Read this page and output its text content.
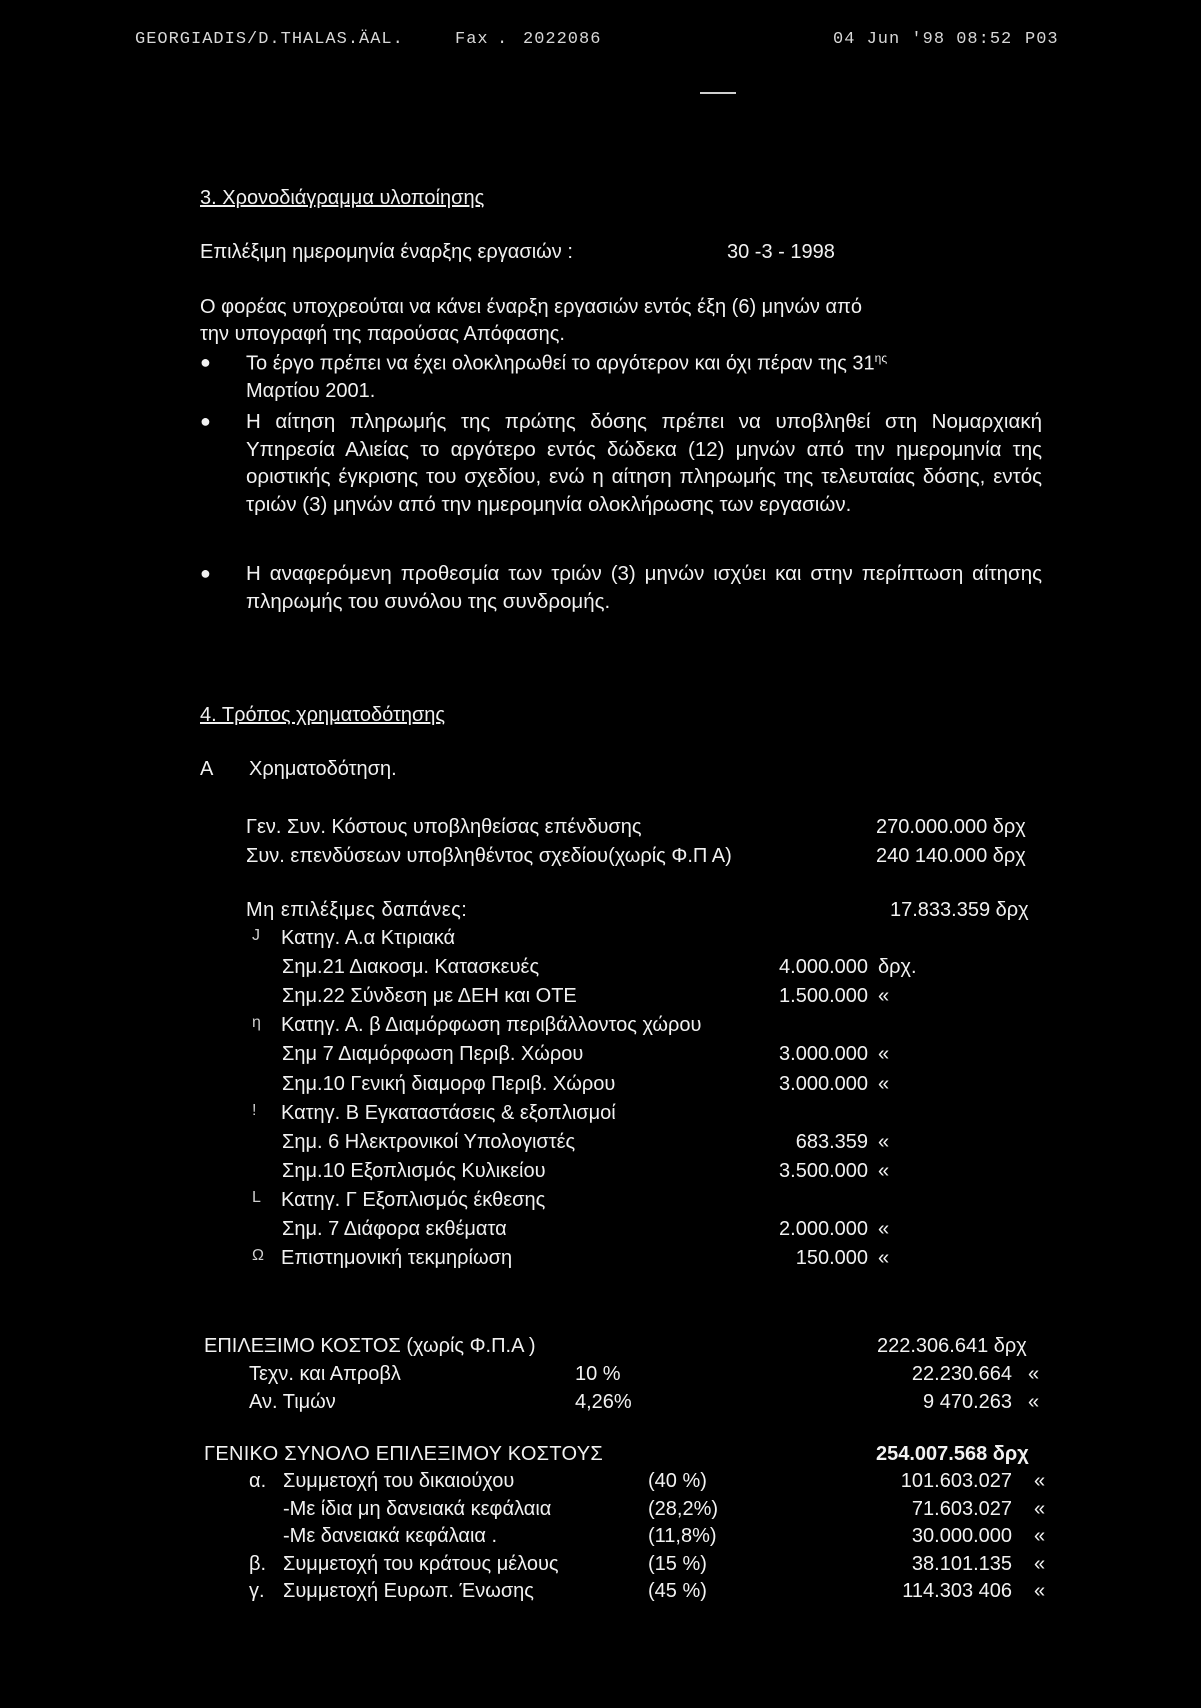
GEORGIADIS/D.THALAS.ÄAL.	Fax . 2022086	04 Jun '98 08:52 P03
3. Χρονοδιάγραμμα υλοποίησης
Επιλέξιμη ημερομηνία έναρξης εργασιών :	30 -3 - 1998
Ο φορέας υποχρεούται να κάνει έναρξη εργασιών εντός έξη (6) μηνών από
την υπογραφή της παρούσας Απόφασης.
● Το έργο πρέπει να έχει ολοκληρωθεί το αργότερον και όχι πέραν της $31^{\eta\varsigma}$
Μαρτίου 2001.
● Η αίτηση πληρωμής της πρώτης δόσης πρέπει να υποβληθεί στη Νομαρχιακή Υπηρεσία Αλιείας το αργότερο εντός δώδεκα (12) μηνών από την ημερομηνία της οριστικής έγκρισης του σχεδίου, ενώ η αίτηση πληρωμής της τελευταίας δόσης, εντός τριών (3) μηνών από την ημερομηνία ολοκλήρωσης των εργασιών.
● Η αναφερόμενη προθεσμία των τριών (3) μηνών ισχύει και στην περίπτωση αίτησης πληρωμής του συνόλου της συνδρομής.
4. Τρόπος χρηματοδότησης
Α Χρηματοδότηση.
Γεν. Συν. Κόστους υποβληθείσας επένδυσης	270.000.000 δρχ
Συν. επενδύσεων υποβληθέντος σχεδίου(χωρίς Φ.Π Α)	240 140.000 δρχ
Μη επιλέξιμες δαπάνες:	17.833.359 δρχ
J Κατηγ. Α.α Κτιριακά
Σημ.21 Διακοσμ. Κατασκευές	4.000.000 δρχ.
Σημ.22 Σύνδεση με ΔΕΗ και ΟΤΕ	1.500.000 «
η Κατηγ. Α. β Διαμόρφωση περιβάλλοντος χώρου
Σημ 7 Διαμόρφωση Περιβ. Χώρου	3.000.000 «
Σημ.10 Γενική διαμορφ Περιβ. Χώρου	3.000.000 «
! Κατηγ. Β Εγκαταστάσεις & εξοπλισμοί
Σημ. 6 Ηλεκτρονικοί Υπολογιστές	683.359 «
Σημ.10 Εξοπλισμός Κυλικείου	3.500.000 «
L Κατηγ. Γ Εξοπλισμός έκθεσης
Σημ. 7 Διάφορα εκθέματα	2.000.000 «
Ω Επιστημονική τεκμηρίωση	150.000 «
ΕΠΙΛΕΞΙΜΟ ΚΟΣΤΟΣ (χωρίς Φ.Π.Α )	222.306.641 δρχ
Τεχν. και Απροβλ	10 %	22.230.664 «
Αν. Τιμών	4,26%	9 470.263 «
ΓΕΝΙΚΟ ΣΥΝΟΛΟ ΕΠΙΛΕΞΙΜΟΥ ΚΟΣΤΟΥΣ	254.007.568 δρχ
α. Συμμετοχή του δικαιούχου	(40 %)	101.603.027 «
-Με ίδια μη δανειακά κεφάλαια	(28,2%)	71.603.027 «
-Με δανειακά κεφάλαια .	(11,8%)	30.000.000 «
β. Συμμετοχή του κράτους μέλους	(15 %)	38.101.135 «
γ. Συμμετοχή Ευρωπ. Ένωσης	(45 %)	114.303 406 «
